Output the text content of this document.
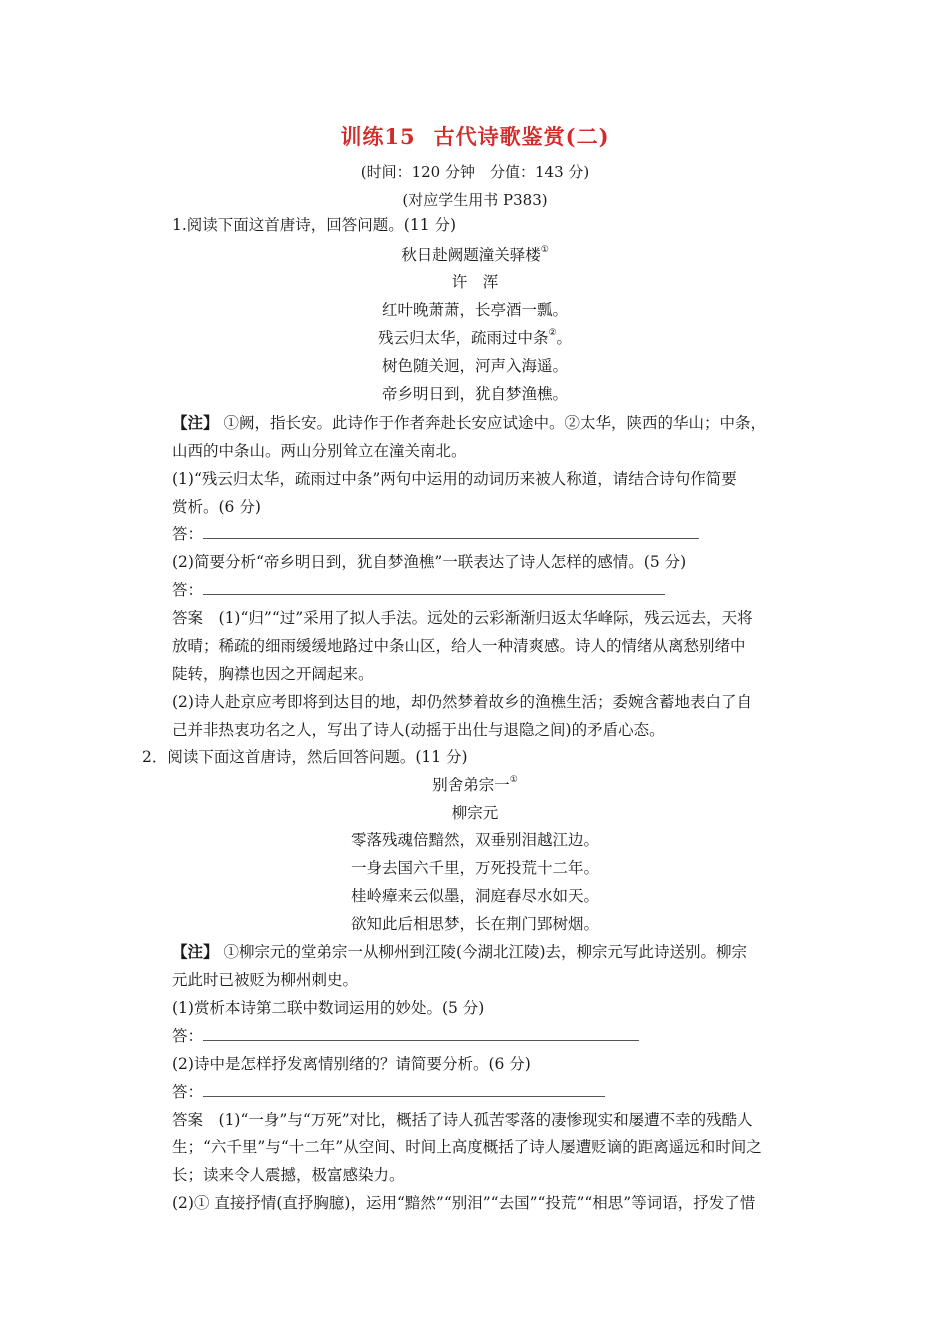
训练15 古代诗歌鉴赏(二)
(时间：120 分钟　分值：143 分)
(对应学生用书 P383)
1.阅读下面这首唐诗，回答问题。(11 分)
秋日赴阙题潼关驿楼①
许　浑
红叶晚萧萧，长亭酒一瓢。
残云归太华，疏雨过中条②。
树色随关迥，河声入海遥。
帝乡明日到，犹自梦渔樵。
【注】 ①阙，指长安。此诗作于作者奔赴长安应试途中。②太华，陕西的华山；中条，
山西的中条山。两山分别耸立在潼关南北。
(1)“残云归太华，疏雨过中条”两句中运用的动词历来被人称道，请结合诗句作简要
赏析。(6 分)
答：
(2)简要分析“帝乡明日到，犹自梦渔樵”一联表达了诗人怎样的感情。(5 分)
答：
答案　(1)“归”“过”采用了拟人手法。远处的云彩渐渐归返太华峰际，残云远去，天将
放晴；稀疏的细雨缓缓地路过中条山区，给人一种清爽感。诗人的情绪从离愁别绪中
陡转，胸襟也因之开阔起来。
(2)诗人赴京应考即将到达目的地，却仍然梦着故乡的渔樵生活；委婉含蓄地表白了自
己并非热衷功名之人，写出了诗人(动摇于出仕与退隐之间)的矛盾心态。
2．阅读下面这首唐诗，然后回答问题。(11 分)
别舍弟宗一①
柳宗元
零落残魂倍黯然，双垂别泪越江边。
一身去国六千里，万死投荒十二年。
桂岭瘴来云似墨，洞庭春尽水如天。
欲知此后相思梦，长在荆门郢树烟。
【注】 ①柳宗元的堂弟宗一从柳州到江陵(今湖北江陵)去，柳宗元写此诗送别。柳宗
元此时已被贬为柳州刺史。
(1)赏析本诗第二联中数词运用的妙处。(5 分)
答：
(2)诗中是怎样抒发离情别绪的？请简要分析。(6 分)
答：
答案　(1)“一身”与“万死”对比，概括了诗人孤苦零落的凄惨现实和屡遭不幸的残酷人
生；“六千里”与“十二年”从空间、时间上高度概括了诗人屡遭贬谪的距离遥远和时间之
长；读来令人震撼，极富感染力。
(2)① 直接抒情(直抒胸臆)，运用“黯然”“别泪”“去国”“投荒”“相思”等词语，抒发了惜
